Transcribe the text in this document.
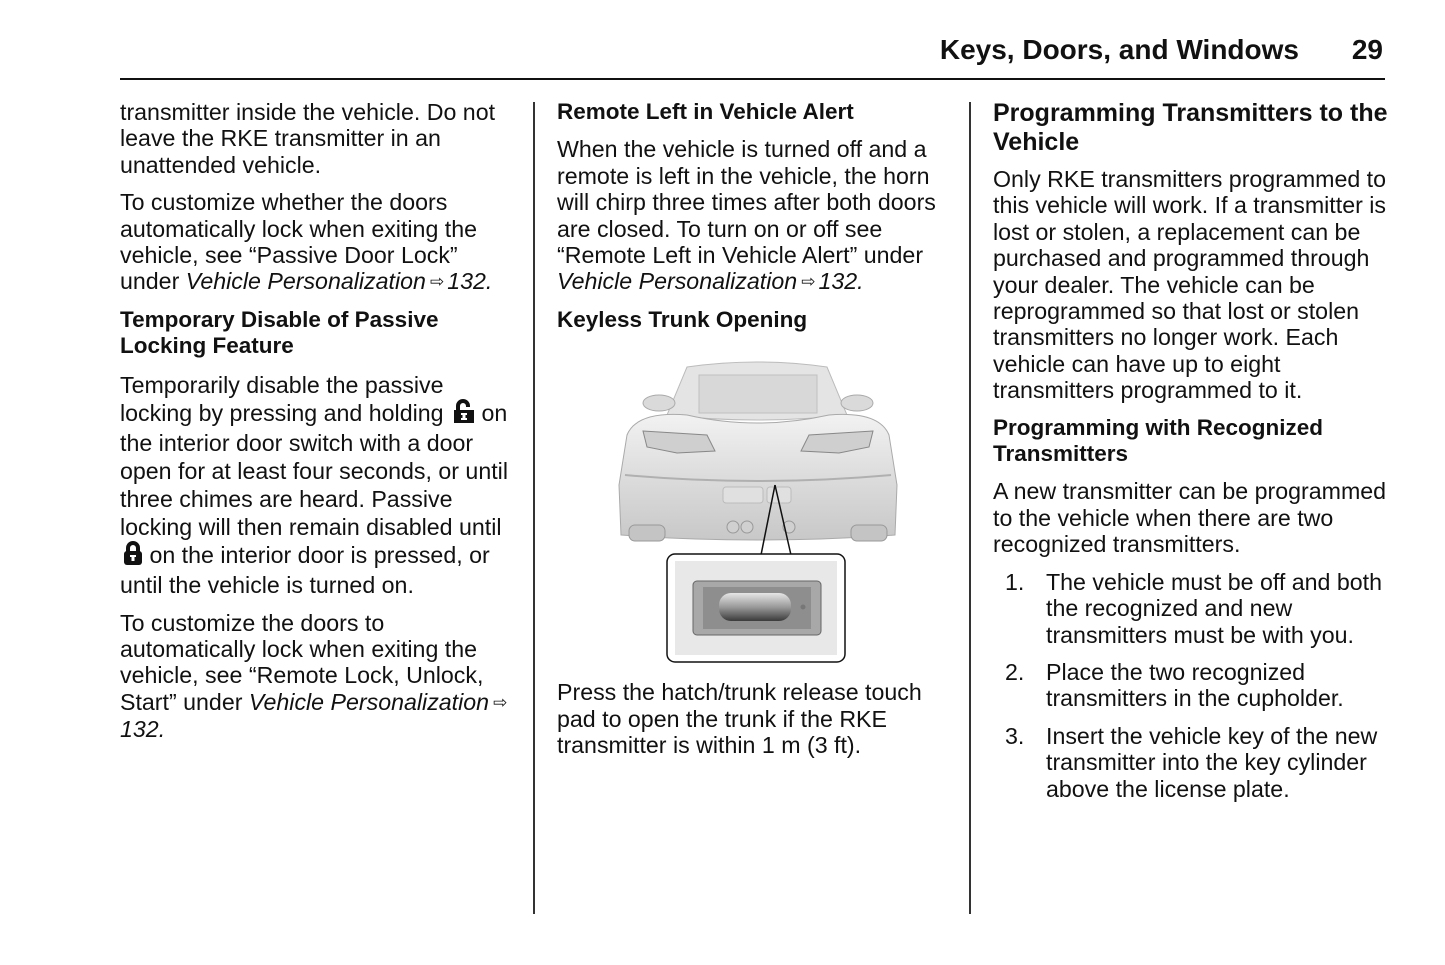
Keys, Doors, and Windows 29

transmitter inside the vehicle. Do not leave the RKE transmitter in an unattended vehicle.

To customize whether the doors automatically lock when exiting the vehicle, see “Passive Door Lock” under Vehicle Personalization ⇨ 132.

Temporary Disable of Passive Locking Feature

Temporarily disable the passive locking by pressing and holding on the interior door switch with a door open for at least four seconds, or until three chimes are heard. Passive locking will then remain disabled until  on the interior door is pressed, or until the vehicle is turned on.

To customize the doors to automatically lock when exiting the vehicle, see “Remote Lock, Unlock, Start” under Vehicle Personalization ⇨132.

Remote Left in Vehicle Alert

When the vehicle is turned off and a remote is left in the vehicle, the horn will chirp three times after both doors are closed. To turn on or off see “Remote Left in Vehicle Alert” under Vehicle Personalization ⇨ 132.

Keyless Trunk Opening

Press the hatch/trunk release touch pad to open the trunk if the RKE transmitter is within 1 m (3 ft).

Programming Transmitters to the Vehicle

Only RKE transmitters programmed to this vehicle will work. If a transmitter is lost or stolen, a replacement can be purchased and programmed through your dealer. The vehicle can be reprogrammed so that lost or stolen transmitters no longer work. Each vehicle can have up to eight transmitters programmed to it.

Programming with Recognized Transmitters

A new transmitter can be programmed to the vehicle when there are two recognized transmitters.

1. The vehicle must be off and both the recognized and new transmitters must be with you.
2. Place the two recognized transmitters in the cupholder.
3. Insert the vehicle key of the new transmitter into the key cylinder above the license plate.
